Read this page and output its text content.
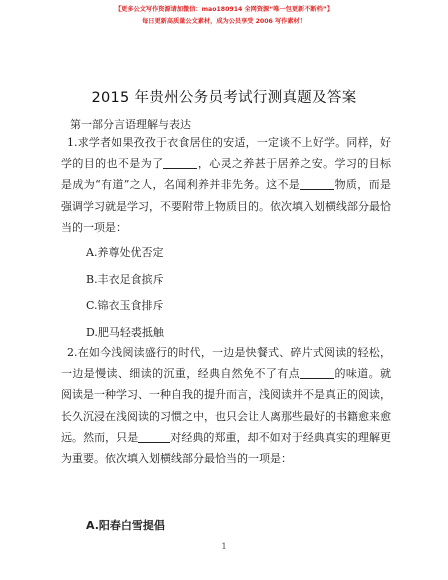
【更多公文写作资源请加微信：mao180914 全网资源“唯一包更新不断档”】
每日更新高质量公文素材，成为公员享受 2006 写作素材！
2015 年贵州公务员考试行测真题及答案
第一部分言语理解与表达

1.求学者如果孜孜于衣食居住的安适，一定谈不上好学。同样，好学的目的也不是为了	，心灵之养甚于居养之安。学习的目标是成为“有道”之人，名闻利养并非先务。这不是	物质，而是强调学习就是学习，不要附带上物质目的。依次填入划横线部分最恰当的一项是：

A.养尊处优否定
B.丰衣足食摈斥
C.锦衣玉食排斥
D.肥马轻裘抵触

2.在如今浅阅读盛行的时代，一边是快餐式、碎片式阅读的轻松，一边是慢读、细读的沉重，经典自然免不了有点	的味道。就阅读是一种学习、一种自我的提升而言，浅阅读并不是真正的阅读，长久沉浸在浅阅读的习惯之中，也只会让人离那些最好的书籍愈来愈远。然而，只是	对经典的郑重，却不如对于经典真实的理解更为重要。依次填入划横线部分最恰当的一项是：

A.阳春白雪提倡
1
